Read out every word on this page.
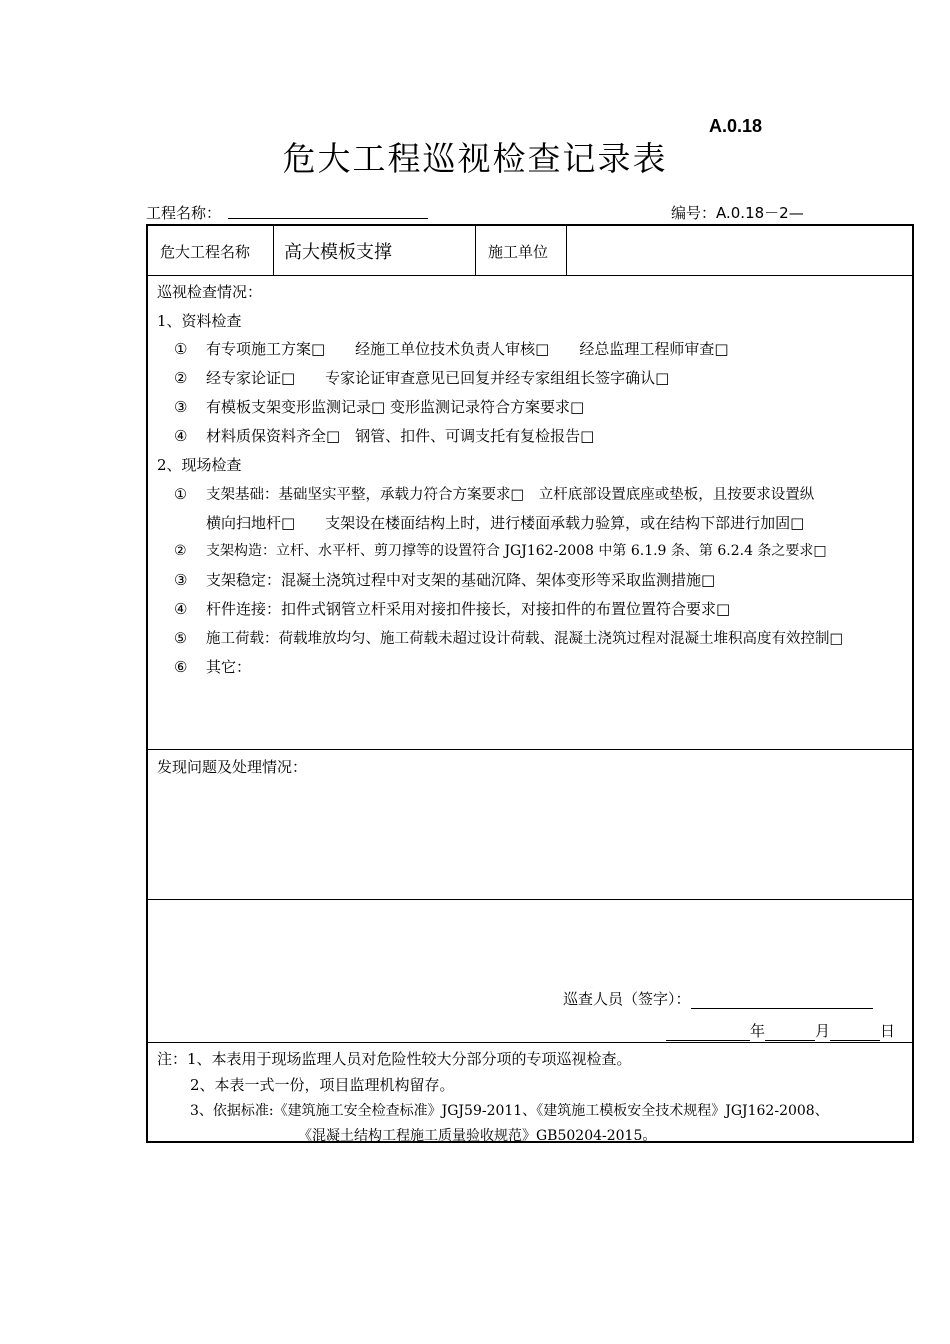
A.0.18
危大工程巡视检查记录表
工程名称：	编号：A.0.18－2—
危大工程名称 高大模板支撑	施工单位
巡视检查情况：
1、资料检查
① 有专项施工方案□　　经施工单位技术负责人审核□　　经总监理工程师审查□
② 经专家论证□　　专家论证审查意见已回复并经专家组组长签字确认□
③ 有模板支架变形监测记录□ 变形监测记录符合方案要求□
④ 材料质保资料齐全□　钢管、扣件、可调支托有复检报告□
2、现场检查
① 支架基础：基础坚实平整，承载力符合方案要求□　立杆底部设置底座或垫板，且按要求设置纵
横向扫地杆□　　支架设在楼面结构上时，进行楼面承载力验算，或在结构下部进行加固□
② 支架构造：立杆、水平杆、剪刀撑等的设置符合 JGJ162-2008 中第 6.1.9 条、第 6.2.4 条之要求□
③ 支架稳定：混凝土浇筑过程中对支架的基础沉降、架体变形等采取监测措施□
④ 杆件连接：扣件式钢管立杆采用对接扣件接长，对接扣件的布置位置符合要求□
⑤ 施工荷载：荷载堆放均匀、施工荷载未超过设计荷载、混凝土浇筑过程对混凝土堆积高度有效控制□
⑥ 其它：
发现问题及处理情况：
巡查人员（签字）：
年	月	日
注：1、本表用于现场监理人员对危险性较大分部分项的专项巡视检查。
2、本表一式一份，项目监理机构留存。
3、依据标准:《建筑施工安全检查标准》JGJ59-2011、《建筑施工模板安全技术规程》JGJ162-2008、
《混凝土结构工程施工质量验收规范》GB50204-2015。
